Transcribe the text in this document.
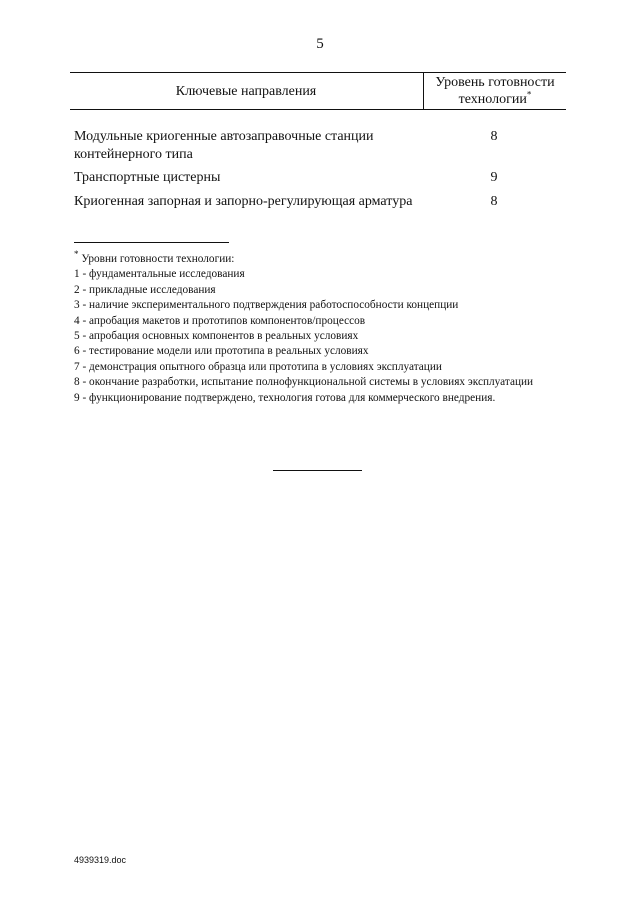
5
Ключевые направления
Уровень готовности технологии*
Модульные криогенные автозаправочные станции контейнерного типа
8
Транспортные цистерны	9
Криогенная запорная и запорно-регулирующая арматура	8

* Уровни готовности технологии:

1 - фундаментальные исследования
2 - прикладные исследования
3 - наличие экспериментального подтверждения работоспособности концепции
4 - апробация макетов и прототипов компонентов/процессов
5 - апробация основных компонентов в реальных условиях
6 - тестирование модели или прототипа в реальных условиях
7 - демонстрация опытного образца или прототипа в условиях эксплуатации
8 - окончание разработки, испытание полнофункциональной системы в условиях эксплуатации
9 - функционирование подтверждено, технология готова для коммерческого внедрения.
4939319.doc
